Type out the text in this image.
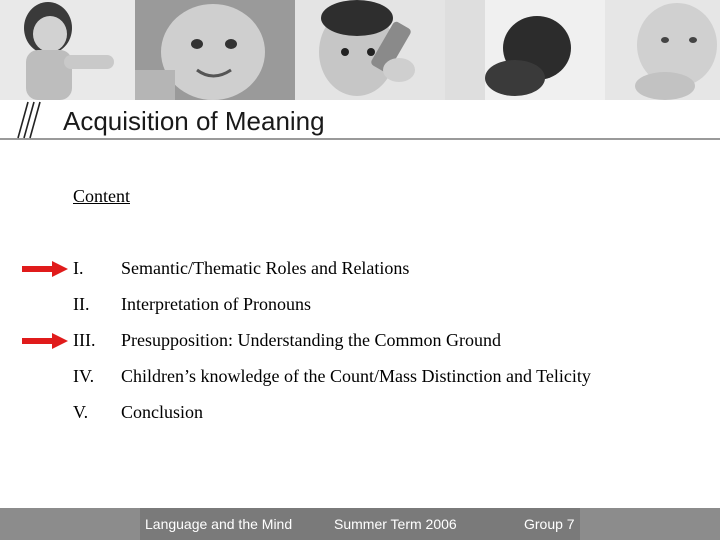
Acquisition of Meaning
Content
I. Semantic/Thematic Roles and Relations
II. Interpretation of Pronouns
III. Presupposition: Understanding the Common Ground
IV. Children’s knowledge of the Count/Mass Distinction and Telicity
V. Conclusion
Language and the Mind	Summer Term 2006	Group 7
